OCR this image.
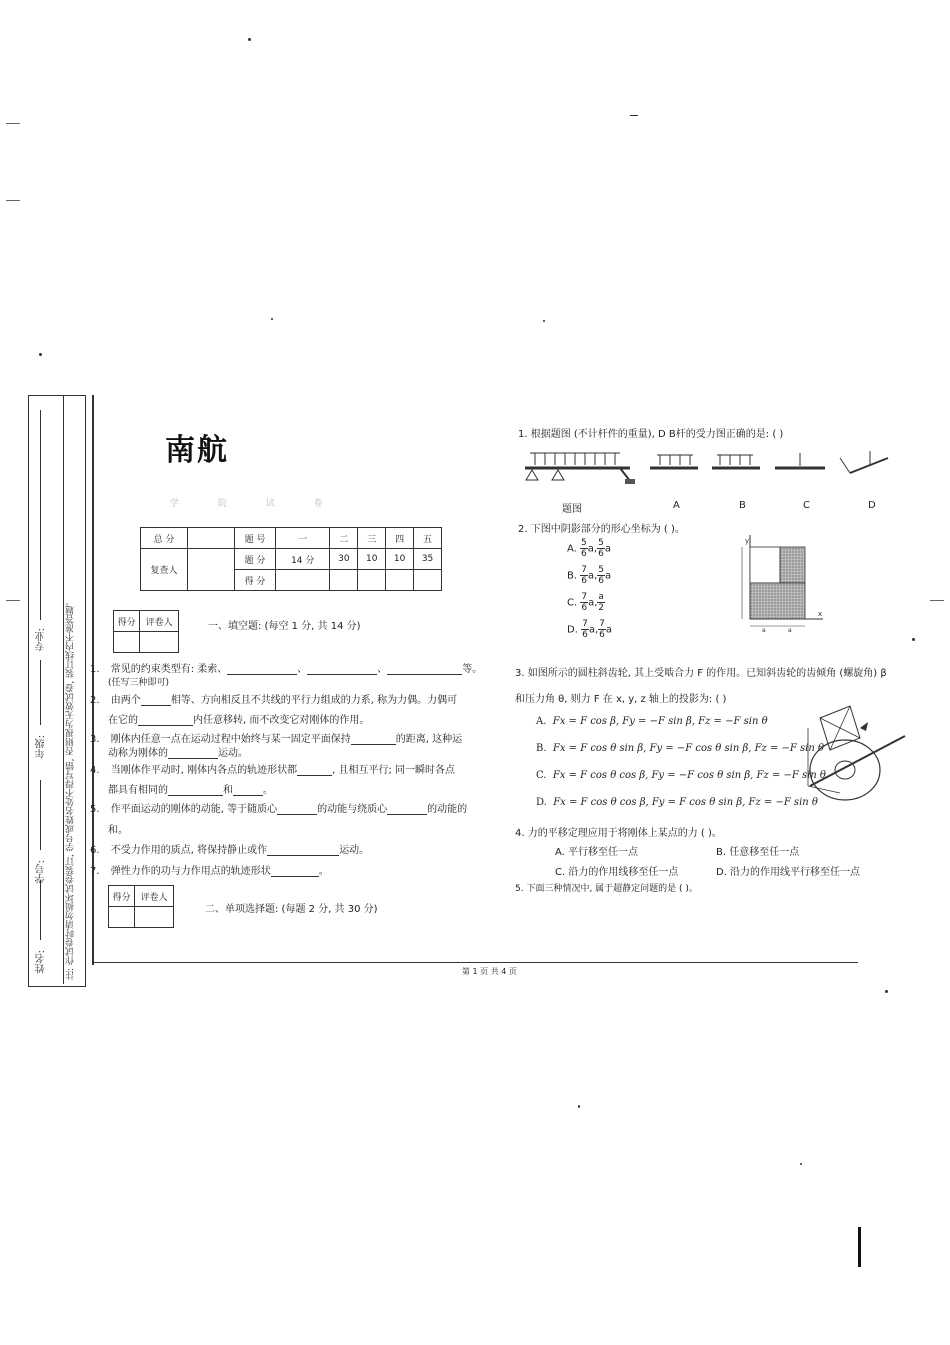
注: 作试卷时请勿损坏试卷装订, 学号或姓名处不得写错, 否则视为无效试卷, 装订线内不准答题。
姓名:
学号:
年级:
专业:
南航
学 院 试 卷
总 分		题 号	一	二	三	四	五
复查人		题 分	14 分	30	10	10	35
		得 分					
得分	评卷人
		一、填空题: (每空 1 分, 共 14 分)
1. 常见的约束类型有: 柔索、	、	、	等。
(任写三种即可)
2. 由两个	相等、方向相反且不共线的平行力组成的力系, 称为力偶。力偶可
在它的	内任意移转, 而不改变它对刚体的作用。
3. 刚体内任意一点在运动过程中始终与某一固定平面保持	的距离, 这种运
动称为刚体的	运动。
4. 当刚体作平动时, 刚体内各点的轨迹形状都	, 且相互平行; 同一瞬时各点
都具有相同的	和	。
5. 作平面运动的刚体的动能, 等于随质心	的动能与绕质心	的动能的
和。
6. 不受力作用的质点, 将保持静止或作	运动。
7. 弹性力作的功与力作用点的轨迹形状	。
得分	评卷人

二、单项选择题: (每题 2 分, 共 30 分)
1. 根据题图 (不计杆件的重量), D B杆的受力图正确的是: ( )
题图	A	B	C	D
2. 下图中阴影部分的形心坐标为 ( )。
A. $\frac{5}{6} a$, $\frac{5}{6}$ a
B. $\frac{7}{6} a$, $\frac{5}{6}$ a
C. $\frac{7}{6} a$, $\frac{a}{2}$
D. $\frac{7}{6} a$, $\frac{7}{6}$ a
y
x
a	a
3. 如图所示的圆柱斜齿轮, 其上受啮合力 F 的作用。已知斜齿轮的齿倾角 (螺旋角) β
和压力角 θ, 则力 F 在 x, y, z 轴上的投影为: ( )
A. Fx = F cos β, Fy = −F sin β, Fz = −F sin θ
B. Fx = F cos θ sin β, Fy = −F cos θ sin β, Fz = −F sin θ
C. Fx = F cos θ cos β, Fy = −F cos θ sin β, Fz = −F sin θ
D. Fx = F cos θ cos β, Fy = F cos θ sin β, Fz = −F sin θ
4. 力的平移定理应用于将刚体上某点的力 ( )。
A. 平行移至任一点	B. 任意移至任一点
C. 沿力的作用线移至任一点	D. 沿力的作用线平行移至任一点
5. 下面三种情况中, 属于超静定问题的是 ( )。
第 1 页 共 4 页
